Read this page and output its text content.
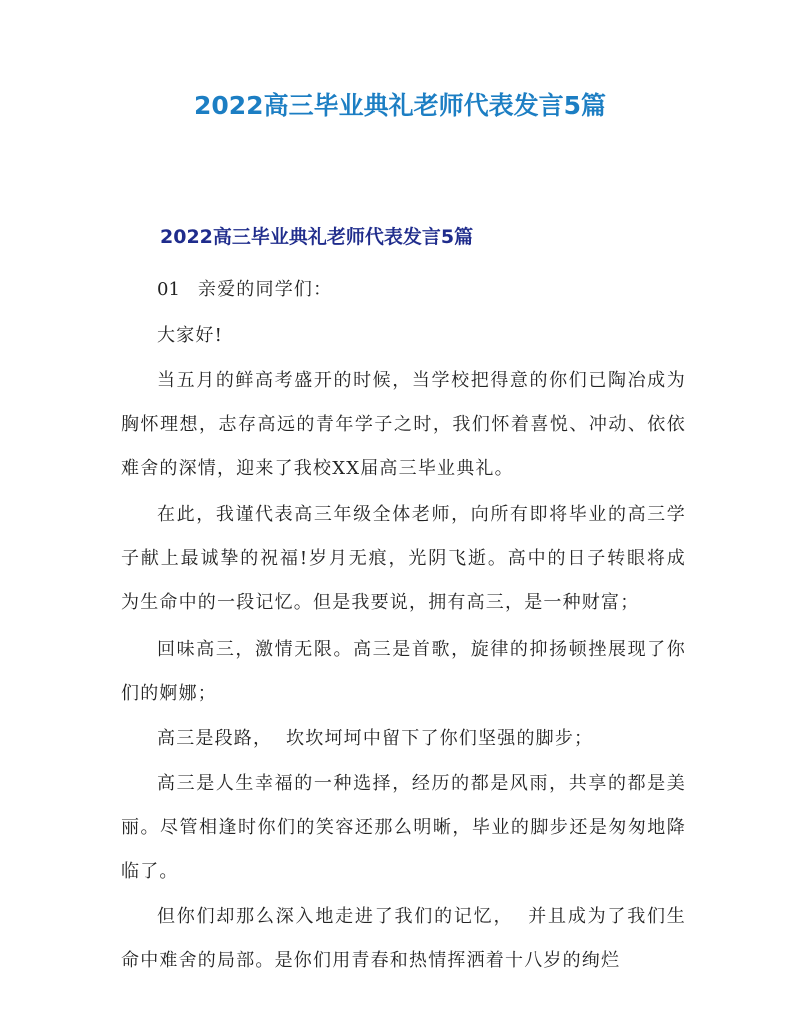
2022高三毕业典礼老师代表发言5篇
2022高三毕业典礼老师代表发言5篇

01 亲爱的同学们：

大家好!

当五月的鲜高考盛开的时候，当学校把得意的你们已陶冶成为胸怀理想，志存高远的青年学子之时，我们怀着喜悦、冲动、依依难舍的深情，迎来了我校XX届高三毕业典礼。

在此，我谨代表高三年级全体老师，向所有即将毕业的高三学子献上最诚挚的祝福!岁月无痕，光阴飞逝。高中的日子转眼将成为生命中的一段记忆。但是我要说，拥有高三，是一种财富；

回味高三，激情无限。高三是首歌，旋律的抑扬顿挫展现了你们的婀娜；

高三是段路，  坎坎坷坷中留下了你们坚强的脚步；

高三是人生幸福的一种选择，经历的都是风雨，共享的都是美丽。尽管相逢时你们的笑容还那么明晰，毕业的脚步还是匆匆地降临了。

但你们却那么深入地走进了我们的记忆，  并且成为了我们生命中难舍的局部。是你们用青春和热情挥洒着十八岁的绚烂
